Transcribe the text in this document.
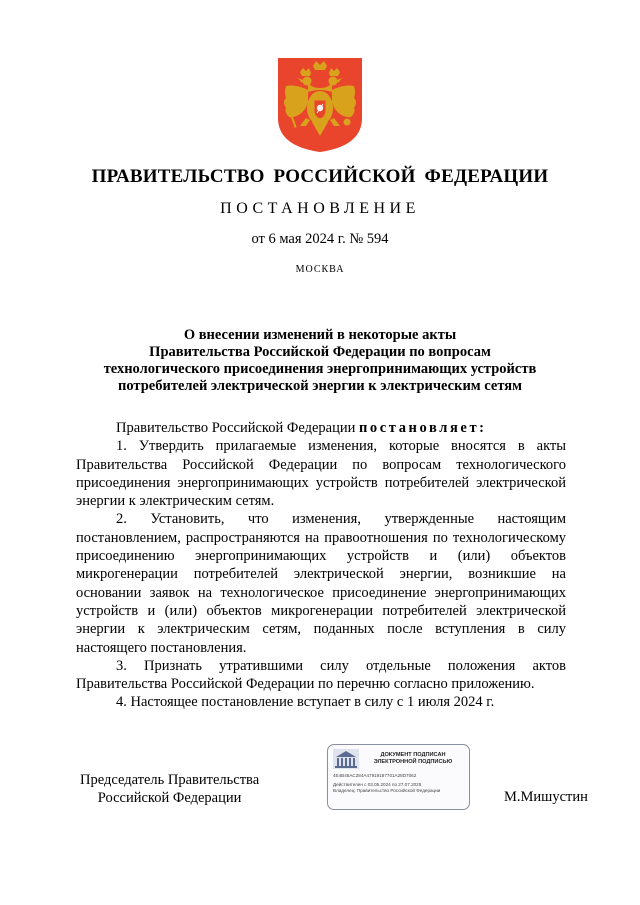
ПРАВИТЕЛЬСТВО РОССИЙСКОЙ ФЕДЕРАЦИИ
ПОСТАНОВЛЕНИЕ
от 6 мая 2024 г. № 594
МОСКВА
О внесении изменений в некоторые акты
Правительства Российской Федерации по вопросам
технологического присоединения энергопринимающих устройств
потребителей электрической энергии к электрическим сетям

Правительство Российской Федерации постановляет:

1. Утвердить прилагаемые изменения, которые вносятся в акты Правительства Российской Федерации по вопросам технологического присоединения энергопринимающих устройств потребителей электрической энергии к электрическим сетям.

2. Установить, что изменения, утвержденные настоящим постановлением, распространяются на правоотношения по технологическому присоединению энергопринимающих устройств и (или) объектов микрогенерации потребителей электрической энергии, возникшие на основании заявок на технологическое присоединение энергопринимающих устройств и (или) объектов микрогенерации потребителей электрической энергии к электрическим сетям, поданных после вступления в силу настоящего постановления.

3. Признать утратившими силу отдельные положения актов Правительства Российской Федерации по перечню согласно приложению.

4. Настоящее постановление вступает в силу с 1 июля 2024 г.

Председатель Правительства
Российской Федерации
ДОКУМЕНТ ПОДПИСАН
ЭЛЕКТРОННОЙ ПОДПИСЬЮ
4E4B46AC284A47919187701A28D7062
Действителен с 03.05.2024 по 27.07.2025
Владелец: Правительство Российской Федерации	М.Мишустин
